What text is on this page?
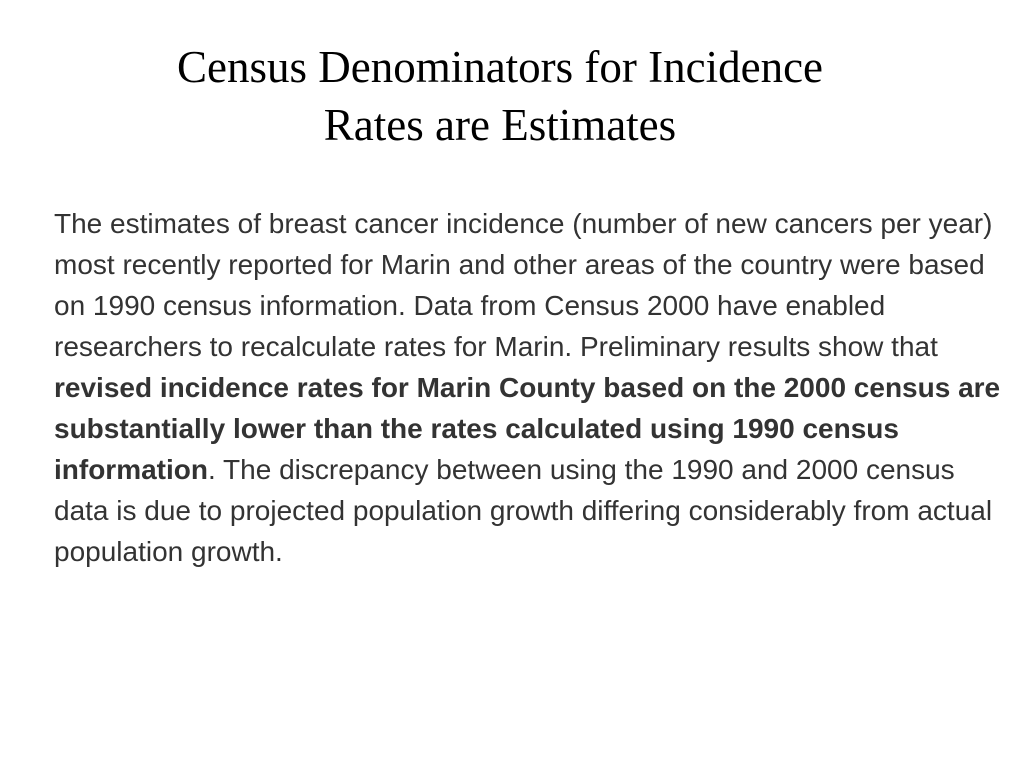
Census Denominators for Incidence
Rates are Estimates

The estimates of breast cancer incidence (number of new cancers per year) most recently reported for Marin and other areas of the country were based on 1990 census information. Data from Census 2000 have enabled researchers to recalculate rates for Marin. Preliminary results show that revised incidence rates for Marin County based on the 2000 census are substantially lower than the rates calculated using 1990 census information. The discrepancy between using the 1990 and 2000 census data is due to projected population growth differing considerably from actual population growth.
